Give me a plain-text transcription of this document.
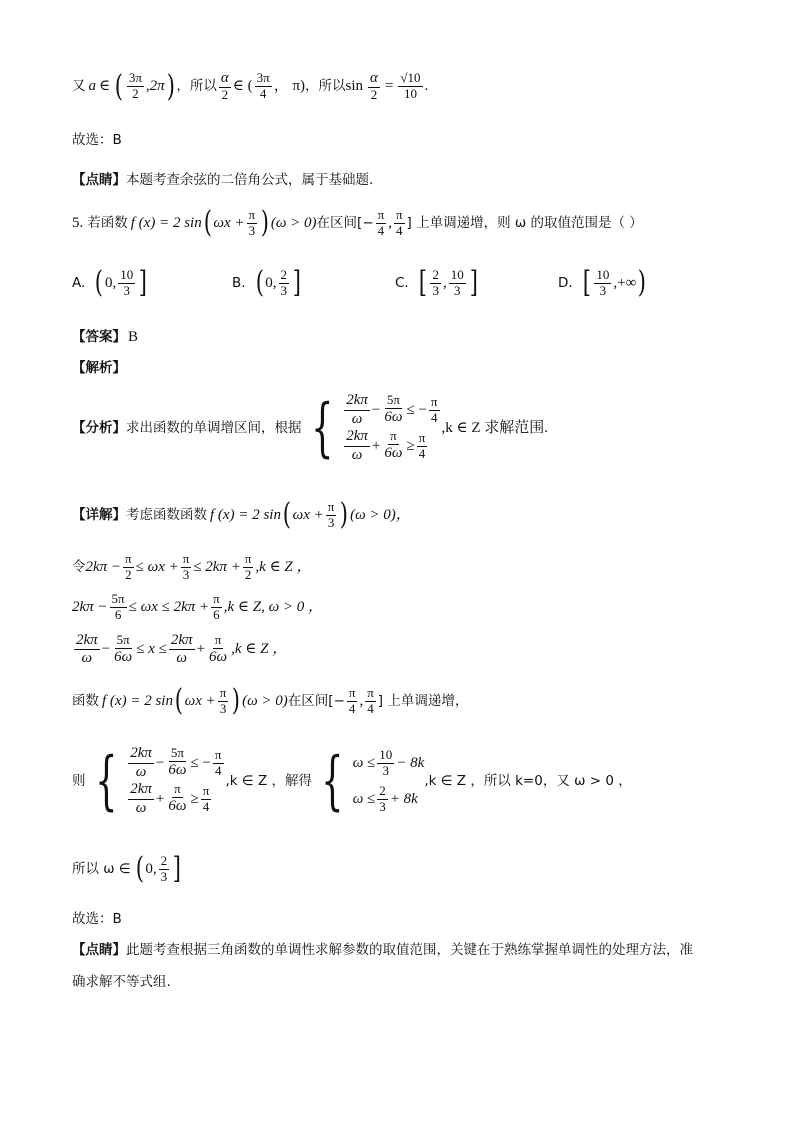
又 a ∈ ( $\frac{3\pi}{2} ,2\pi$ ) ，所以 $\frac{\alpha}{2}$ ∈ ( $\frac{3\pi}{4}$ ， π) ，所以 $\sin \frac{\alpha}{2} = \frac{√10}{10}$ .
故选：B
【点睛】本题考查余弦的二倍角公式，属于基础题.
5. 若函数 f (x) = 2 sin ( $\omega x + \frac{\pi}{3}$ ) (ω > 0) 在区间[− $\frac{\pi}{4}$ , $\frac{\pi}{4}$ ] 上单调递增，则 ω 的取值范围是（ ）
A. ( 0, $\frac{10}{3}$ ]	B. ( 0, $\frac{2}{3}$ ]	C. [ $\frac{2}{3}$ , $\frac{10}{3}$ ]	D. [ $\frac{10}{3}$ ,+∞ )
【答案】 B
【解析】
【分析】 求出函数的单调增区间，根据 { $\frac{2k\pi}{\omega} - \frac{5\pi}{6\omega}$ ≤ − $\frac{\pi}{4}$
$\frac{2k\pi}{\omega} + \frac{\pi}{6\omega} \ge \frac{\pi}{4}$
,k ∈ Z 求解范围.
【详解】 考虑函数函数 f (x) = 2 sin ( $\omega x + \frac{\pi}{3}$ ) (ω > 0)，
令 $2k\pi - \frac{\pi}{2} \le \omega x + \frac{\pi}{3} \le 2k\pi + \frac{\pi}{2} ,k$ ∈ Z ，
$2k\pi - \frac{5\pi}{6} \le \omega x \le 2k\pi + \frac{\pi}{6} ,k$ ∈ Z, ω > 0 ，
$\frac{2k\pi}{\omega} - \frac{5\pi}{6\omega} \le x \le \frac{2k\pi}{\omega} + \frac{\pi}{6\omega} ,k$ ∈ Z ，
函数 f (x) = 2 sin ( $\omega x + \frac{\pi}{3}$ ) (ω > 0) 在区间[− $\frac{\pi}{4}$ , $\frac{\pi}{4}$ ] 上单调递增，
则 { $\frac{2k\pi}{\omega} - \frac{5\pi}{6\omega}$ ≤ − $\frac{\pi}{4}$
$\frac{2k\pi}{\omega} + \frac{\pi}{6\omega} \ge \frac{\pi}{4}$
,k ∈ Z ，解得 { $\omega \le \frac{10}{3} - 8k$
$\omega \le \frac{2}{3} + 8k$
,k ∈ Z ，所以 k=0，又 ω > 0 ，
所以 ω ∈ ( 0, $\frac{2}{3}$ ]
故选：B
【点睛】此题考查根据三角函数的单调性求解参数的取值范围，关键在于熟练掌握单调性的处理方法，准
确求解不等式组.
